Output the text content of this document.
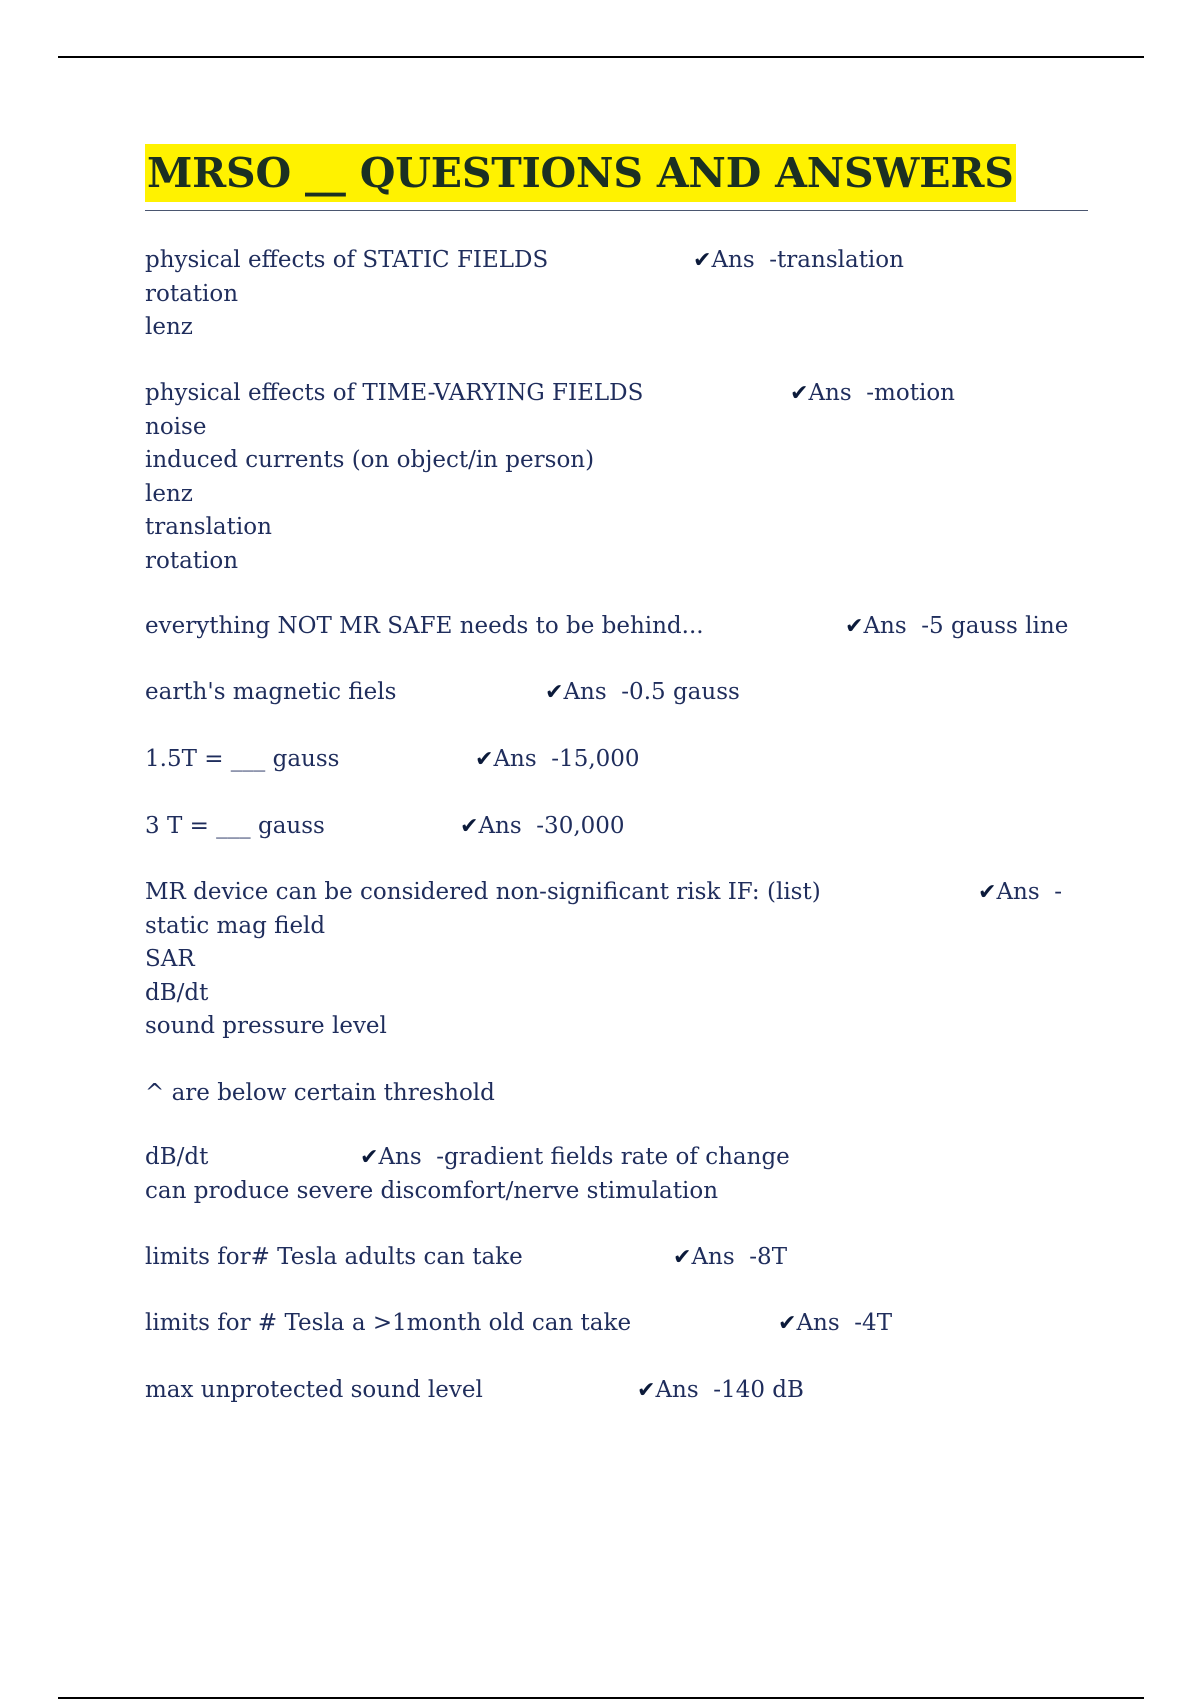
MRSO __ QUESTIONS AND ANSWERS
physical effects of STATIC FIELDS	✔Ans  -translation
rotation
lenz
physical effects of TIME-VARYING FIELDS	✔Ans  -motion
noise
induced currents (on object/in person)
lenz
translation
rotation
everything NOT MR SAFE needs to be behind...	✔Ans  -5 gauss line
earth's magnetic fiels	✔Ans  -0.5 gauss
1.5T = ___ gauss	✔Ans  -15,000
3 T = ___ gauss	✔Ans  -30,000
MR device can be considered non-significant risk IF: (list)	✔Ans  -
static mag field
SAR
dB/dt
sound pressure level
^ are below certain threshold
dB/dt	✔Ans  -gradient fields rate of change
can produce severe discomfort/nerve stimulation
limits for# Tesla adults can take	✔Ans  -8T
limits for # Tesla a >1month old can take	✔Ans  -4T
max unprotected sound level	✔Ans  -140 dB
